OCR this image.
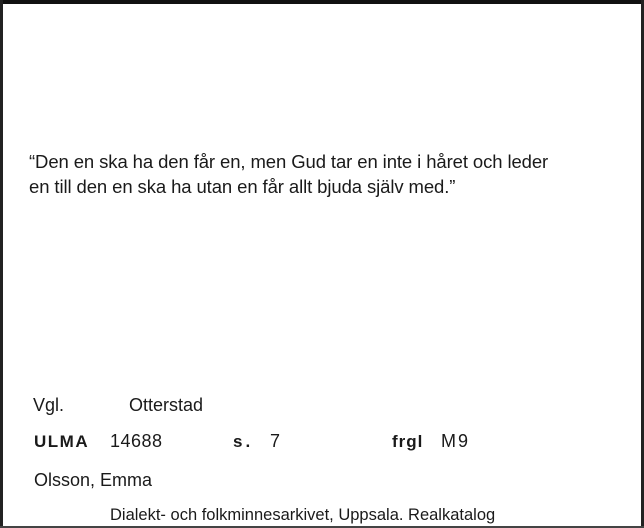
“Den en ska ha den får en, men Gud tar en inte i håret och leder
en till den en ska ha utan en får allt bjuda själv med.”
Vgl.	Otterstad
ULMA 14688	s. 7	frgl M9
Olsson, Emma
Dialekt- och folkminnesarkivet, Uppsala. Realkatalog
